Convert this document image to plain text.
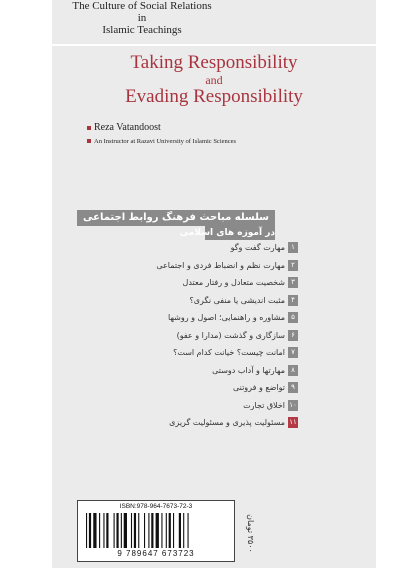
The Culture of Social Relations
in
Islamic Teachings
Taking Responsibility
and
Evading Responsibility
Reza Vatandoost
An Instructor at Razavi University of Islamic Sciences
سلسله مباحث فرهنگ روابط اجتماعی
در آموزه های اسلامی
۱
مهارت گفت وگو
۲
مهارت نظم و انضباط فردی و اجتماعی
۳
شخصیت متعادل و رفتار معتدل
۴
مثبت اندیشی یا منفی نگری؟
۵
مشاوره و راهنمایی؛ اصول و روشها
۶
سازگاری و گذشت (مدارا و عفو)
۷
امانت چیست؟ خیانت کدام است؟
۸
مهارتها و آداب دوستی
۹
تواضع و فروتنی
۱۰
اخلاق تجارت
۱۱
مسئولیت پذیری و مسئولیت گریزی
ISBN:978-964-7673-72-3
9 789647 673723
۳۵۰۰ تومان
